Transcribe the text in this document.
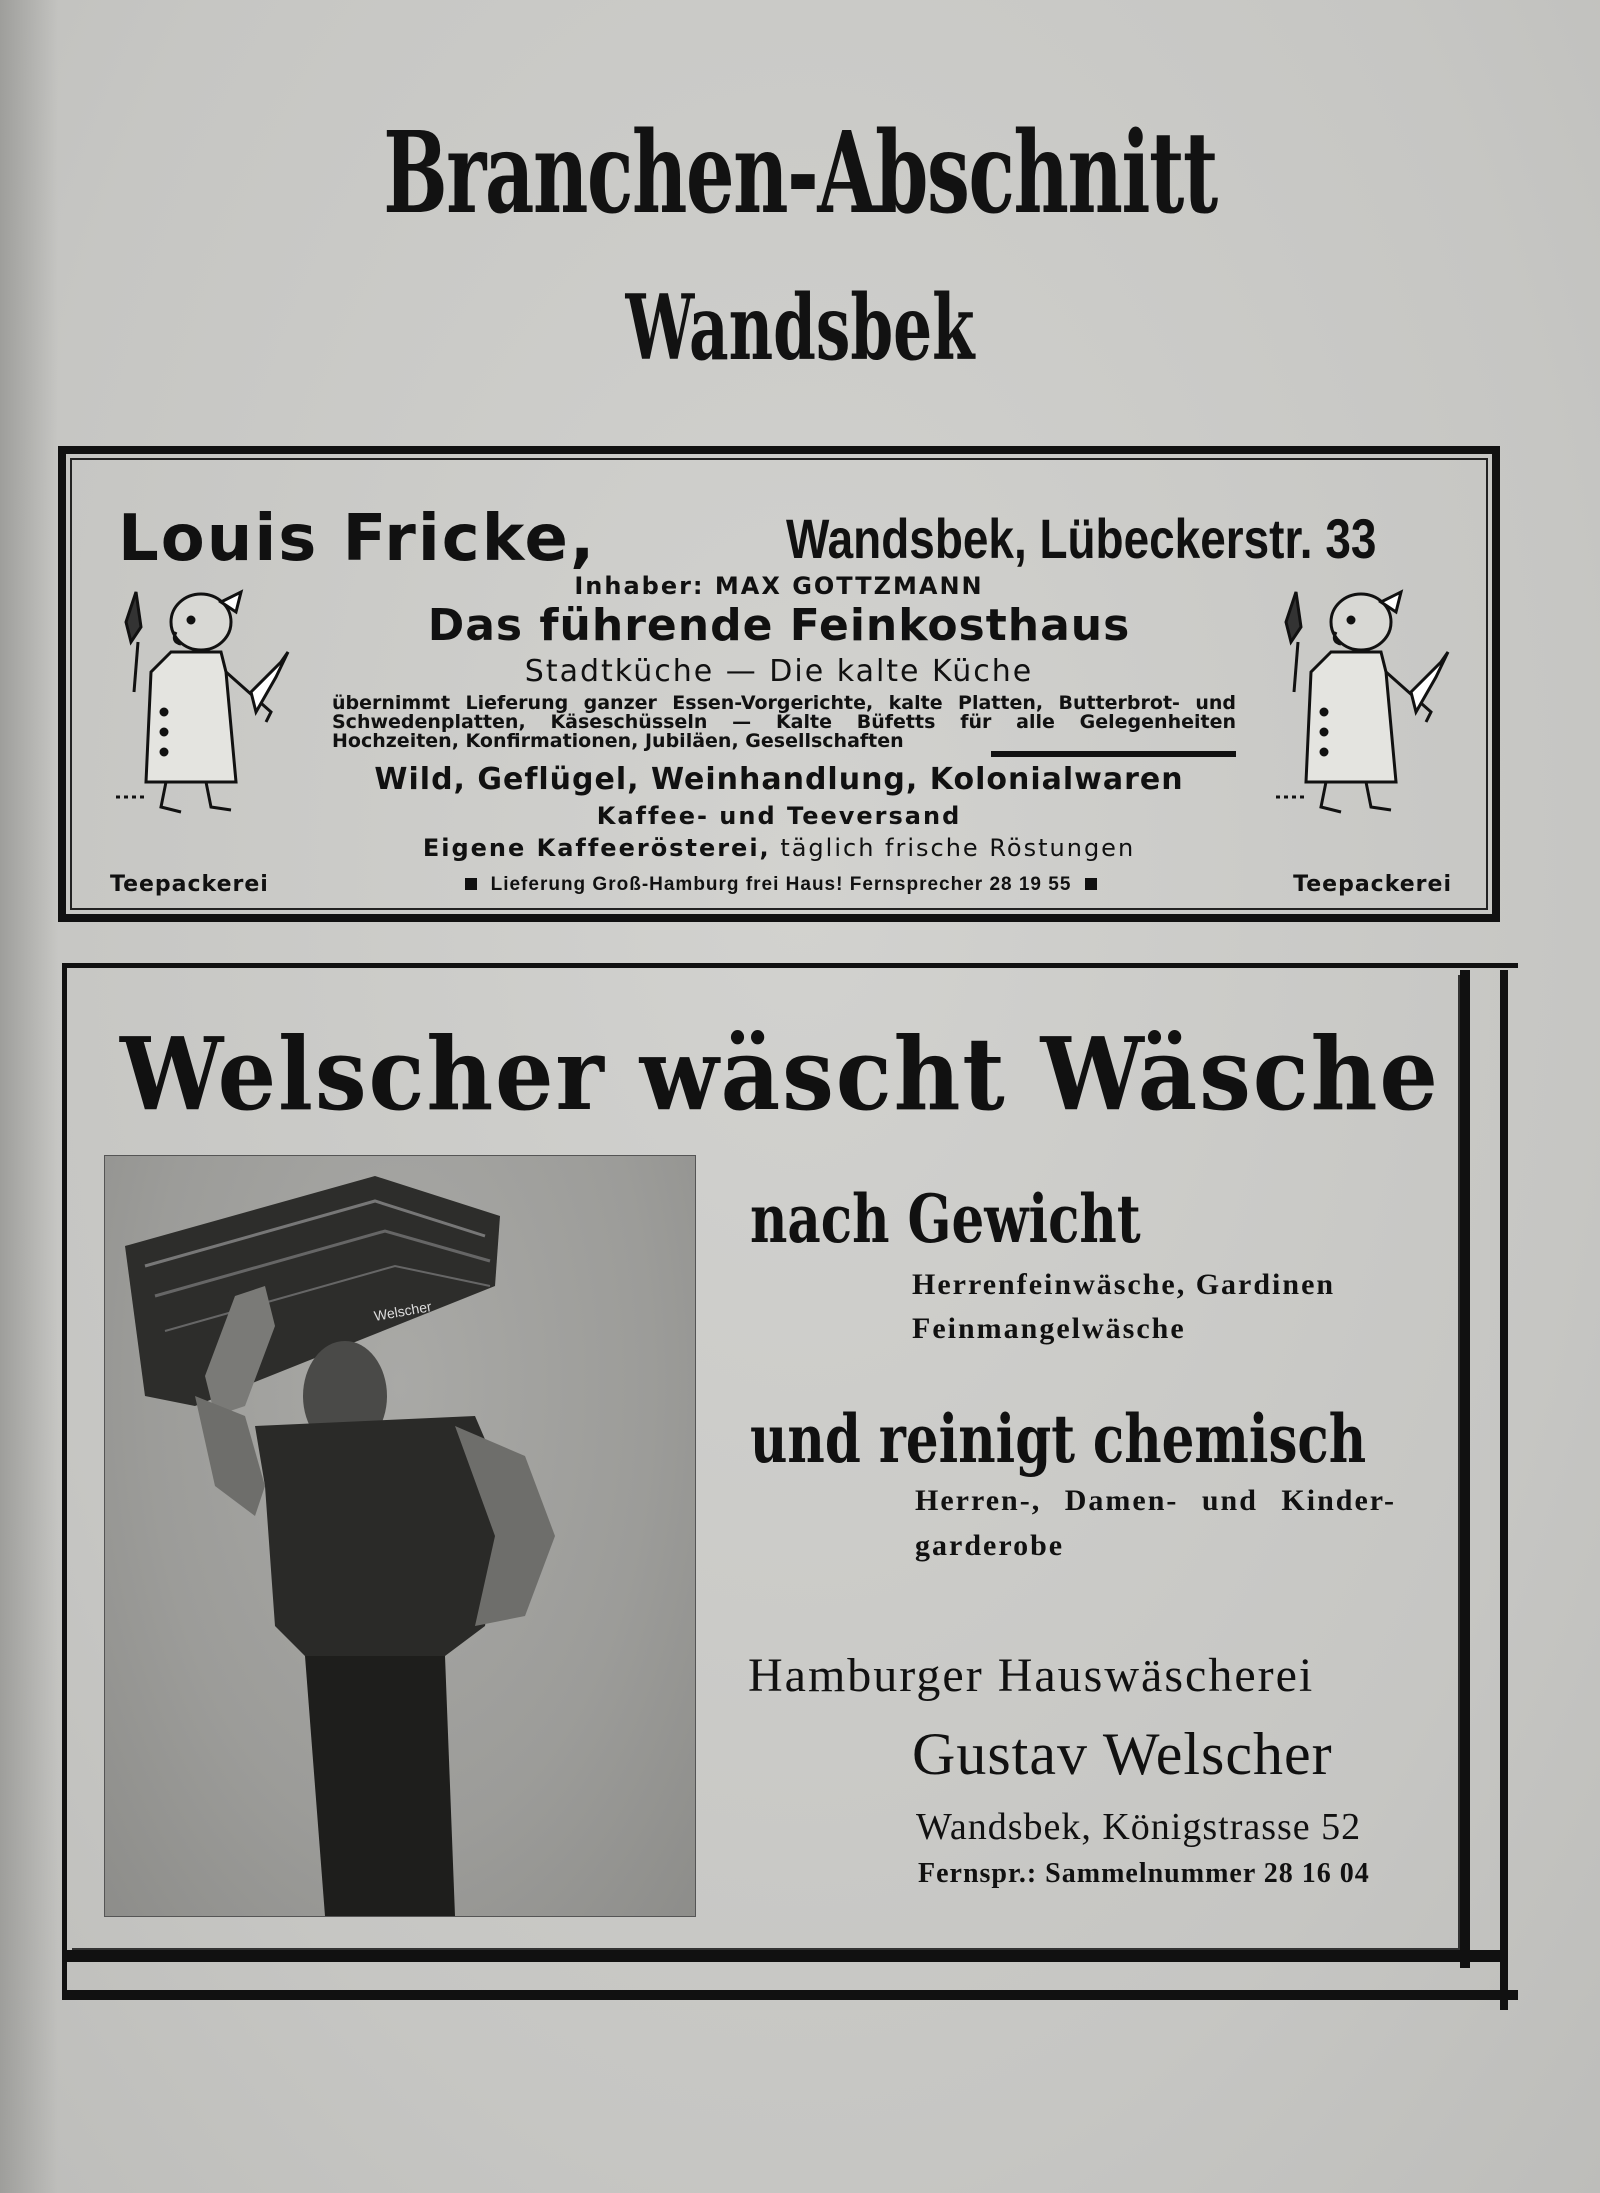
Branchen-Abschnitt
Wandsbek
Louis Fricke,	Wandsbek, Lübeckerstr. 33
Inhaber: MAX GOTTZMANN
Das führende Feinkosthaus
Stadtküche — Die kalte Küche
übernimmt Lieferung ganzer Essen-Vorgerichte, kalte Platten, Butterbrot- und Schwedenplatten, Käseschüsseln — Kalte Büfetts für alle Gelegenheiten Hochzeiten, Konfirmationen, Jubiläen, Gesellschaften
Wild, Geflügel, Weinhandlung, Kolonialwaren
Kaffee- und Teeversand
Eigene Kaffeerösterei, täglich frische Röstungen
Teepackerei	Lieferung Groß-Hamburg frei Haus! Fernsprecher 28 19 55	Teepackerei
Welscher wäscht Wäsche
Welscher
nach Gewicht
Herrenfeinwäsche, Gardinen
Feinmangelwäsche
und reinigt chemisch
Herren-, Damen- und Kinder-
garderobe
Hamburger Hauswäscherei
Gustav Welscher
Wandsbek, Königstrasse 52
Fernspr.: Sammelnummer 28 16 04
